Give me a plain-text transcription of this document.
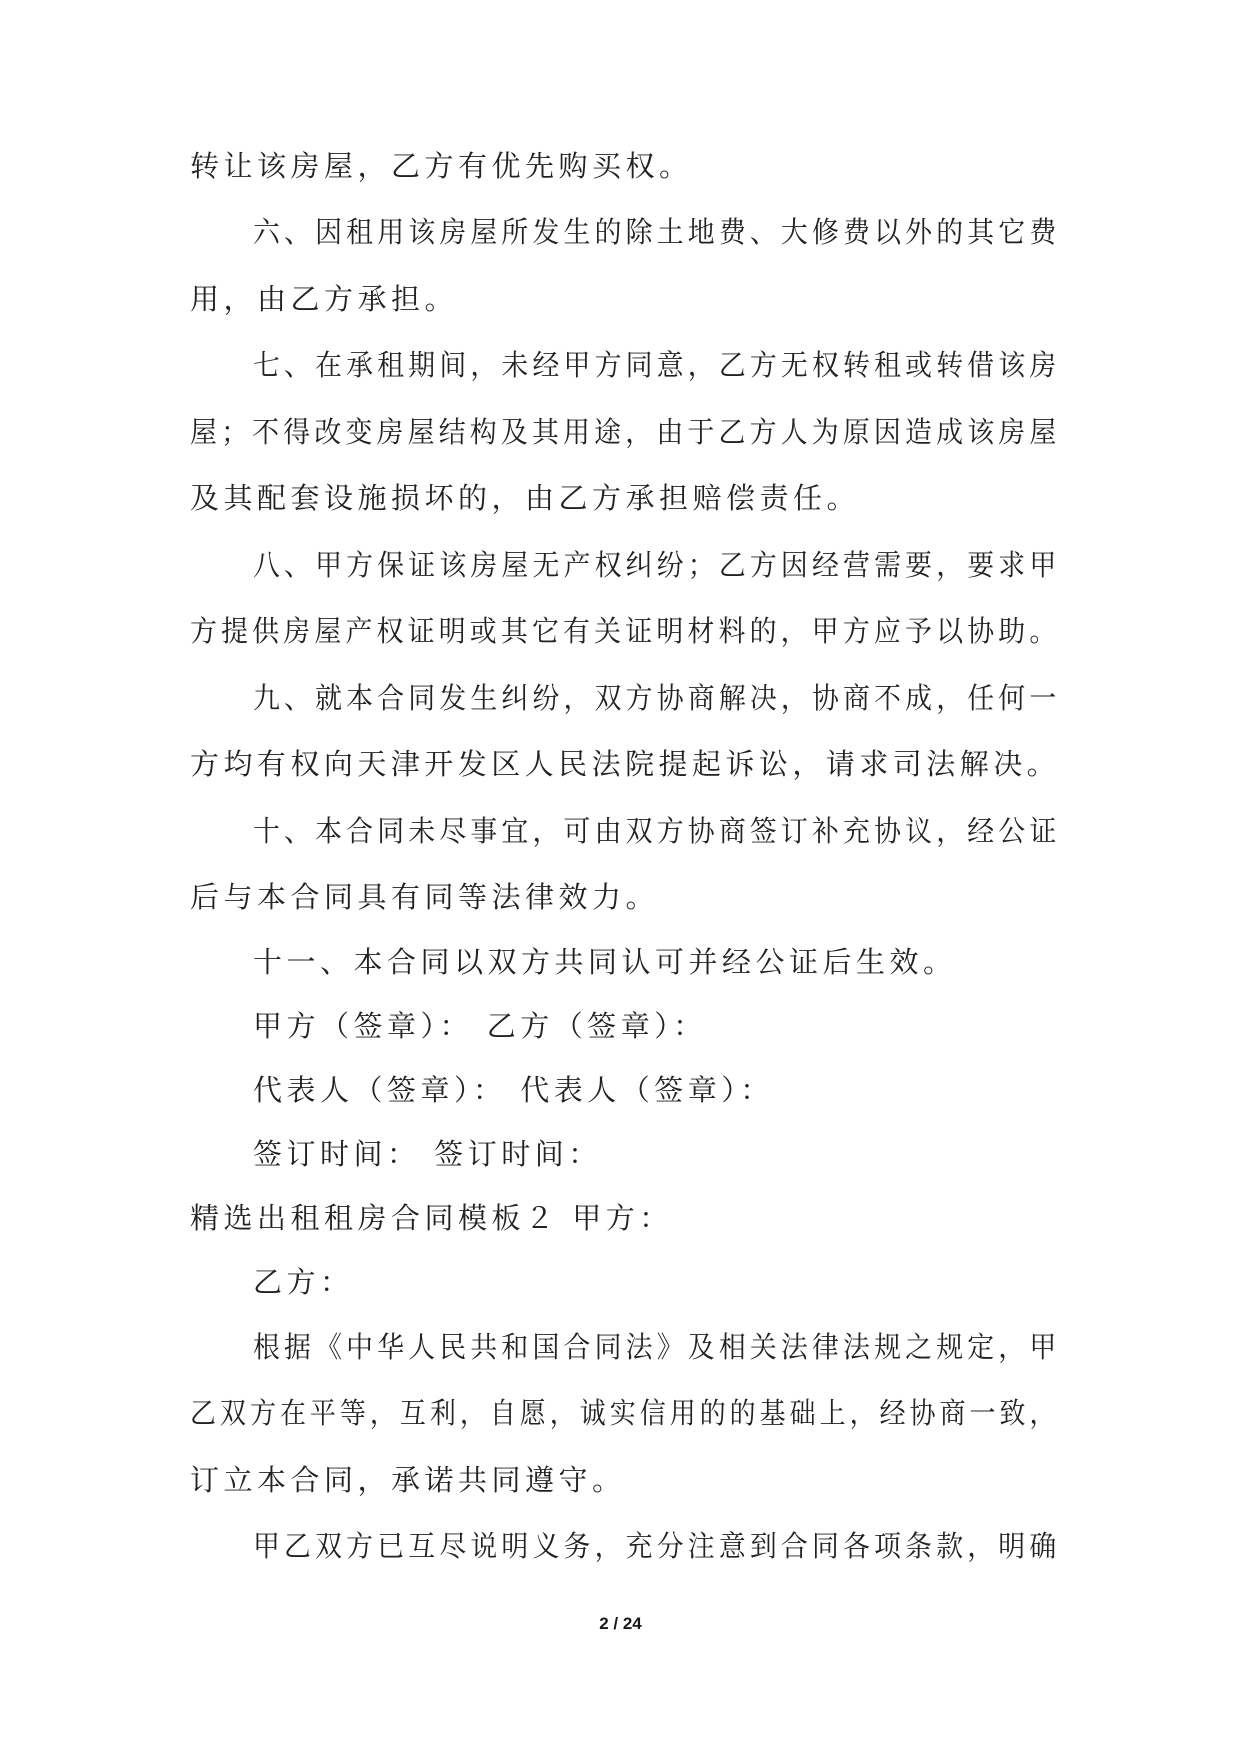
转让该房屋，乙方有优先购买权。
六、因租用该房屋所发生的除土地费、大修费以外的其它费
用，由乙方承担。
七、在承租期间，未经甲方同意，乙方无权转租或转借该房
屋；不得改变房屋结构及其用途，由于乙方人为原因造成该房屋
及其配套设施损坏的，由乙方承担赔偿责任。
八、甲方保证该房屋无产权纠纷；乙方因经营需要，要求甲
方提供房屋产权证明或其它有关证明材料的，甲方应予以协助。
九、就本合同发生纠纷，双方协商解决，协商不成，任何一
方均有权向天津开发区人民法院提起诉讼，请求司法解决。
十、本合同未尽事宜，可由双方协商签订补充协议，经公证
后与本合同具有同等法律效力。
十一、本合同以双方共同认可并经公证后生效。
甲方（签章）： 乙方（签章）：
代表人（签章）： 代表人（签章）：
签订时间： 签订时间：
精选出租租房合同模板２ 甲方：
乙方：
根据《中华人民共和国合同法》及相关法律法规之规定，甲
乙双方在平等，互利，自愿，诚实信用的的基础上，经协商一致，
订立本合同，承诺共同遵守。
甲乙双方已互尽说明义务，充分注意到合同各项条款，明确
2 / 24
